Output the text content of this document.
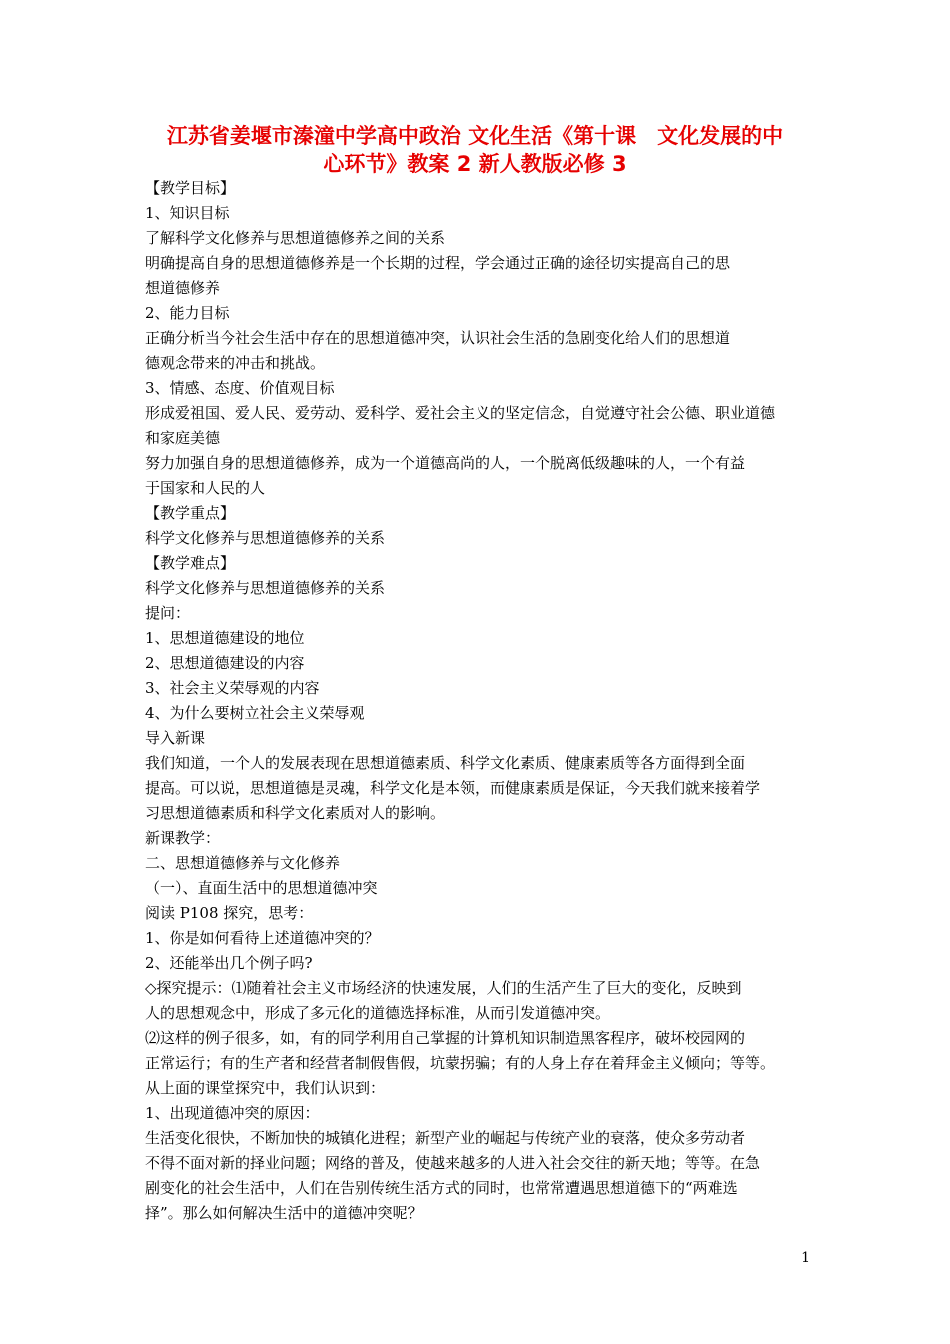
江苏省姜堰市溱潼中学高中政治 文化生活《第十课　文化发展的中
心环节》教案 2 新人教版必修 3
【教学目标】
1、知识目标
了解科学文化修养与思想道德修养之间的关系
明确提高自身的思想道德修养是一个长期的过程，学会通过正确的途径切实提高自己的思
想道德修养
2、能力目标
正确分析当今社会生活中存在的思想道德冲突，认识社会生活的急剧变化给人们的思想道
德观念带来的冲击和挑战。
3、情感、态度、价值观目标
形成爱祖国、爱人民、爱劳动、爱科学、爱社会主义的坚定信念，自觉遵守社会公德、职业道德
和家庭美德
努力加强自身的思想道德修养，成为一个道德高尚的人，一个脱离低级趣味的人，一个有益
于国家和人民的人
【教学重点】
科学文化修养与思想道德修养的关系
【教学难点】
科学文化修养与思想道德修养的关系
提问：
1、思想道德建设的地位
2、思想道德建设的内容
3、社会主义荣辱观的内容
4、为什么要树立社会主义荣辱观
导入新课
我们知道，一个人的发展表现在思想道德素质、科学文化素质、健康素质等各方面得到全面
提高。可以说，思想道德是灵魂，科学文化是本领，而健康素质是保证，今天我们就来接着学
习思想道德素质和科学文化素质对人的影响。
新课教学：
二、思想道德修养与文化修养
（一）、直面生活中的思想道德冲突
阅读 P108 探究，思考：
1、你是如何看待上述道德冲突的？
2、还能举出几个例子吗?
◇探究提示：⑴随着社会主义市场经济的快速发展，人们的生活产生了巨大的变化，反映到
人的思想观念中，形成了多元化的道德选择标准，从而引发道德冲突。
⑵这样的例子很多，如，有的同学利用自己掌握的计算机知识制造黑客程序，破坏校园网的
正常运行；有的生产者和经营者制假售假，坑蒙拐骗；有的人身上存在着拜金主义倾向；等等。
从上面的课堂探究中，我们认识到：
1、出现道德冲突的原因：
生活变化很快，不断加快的城镇化进程；新型产业的崛起与传统产业的衰落，使众多劳动者
不得不面对新的择业问题；网络的普及，使越来越多的人进入社会交往的新天地；等等。在急
剧变化的社会生活中，人们在告别传统生活方式的同时，也常常遭遇思想道德下的“两难选
择”。那么如何解决生活中的道德冲突呢？
1
